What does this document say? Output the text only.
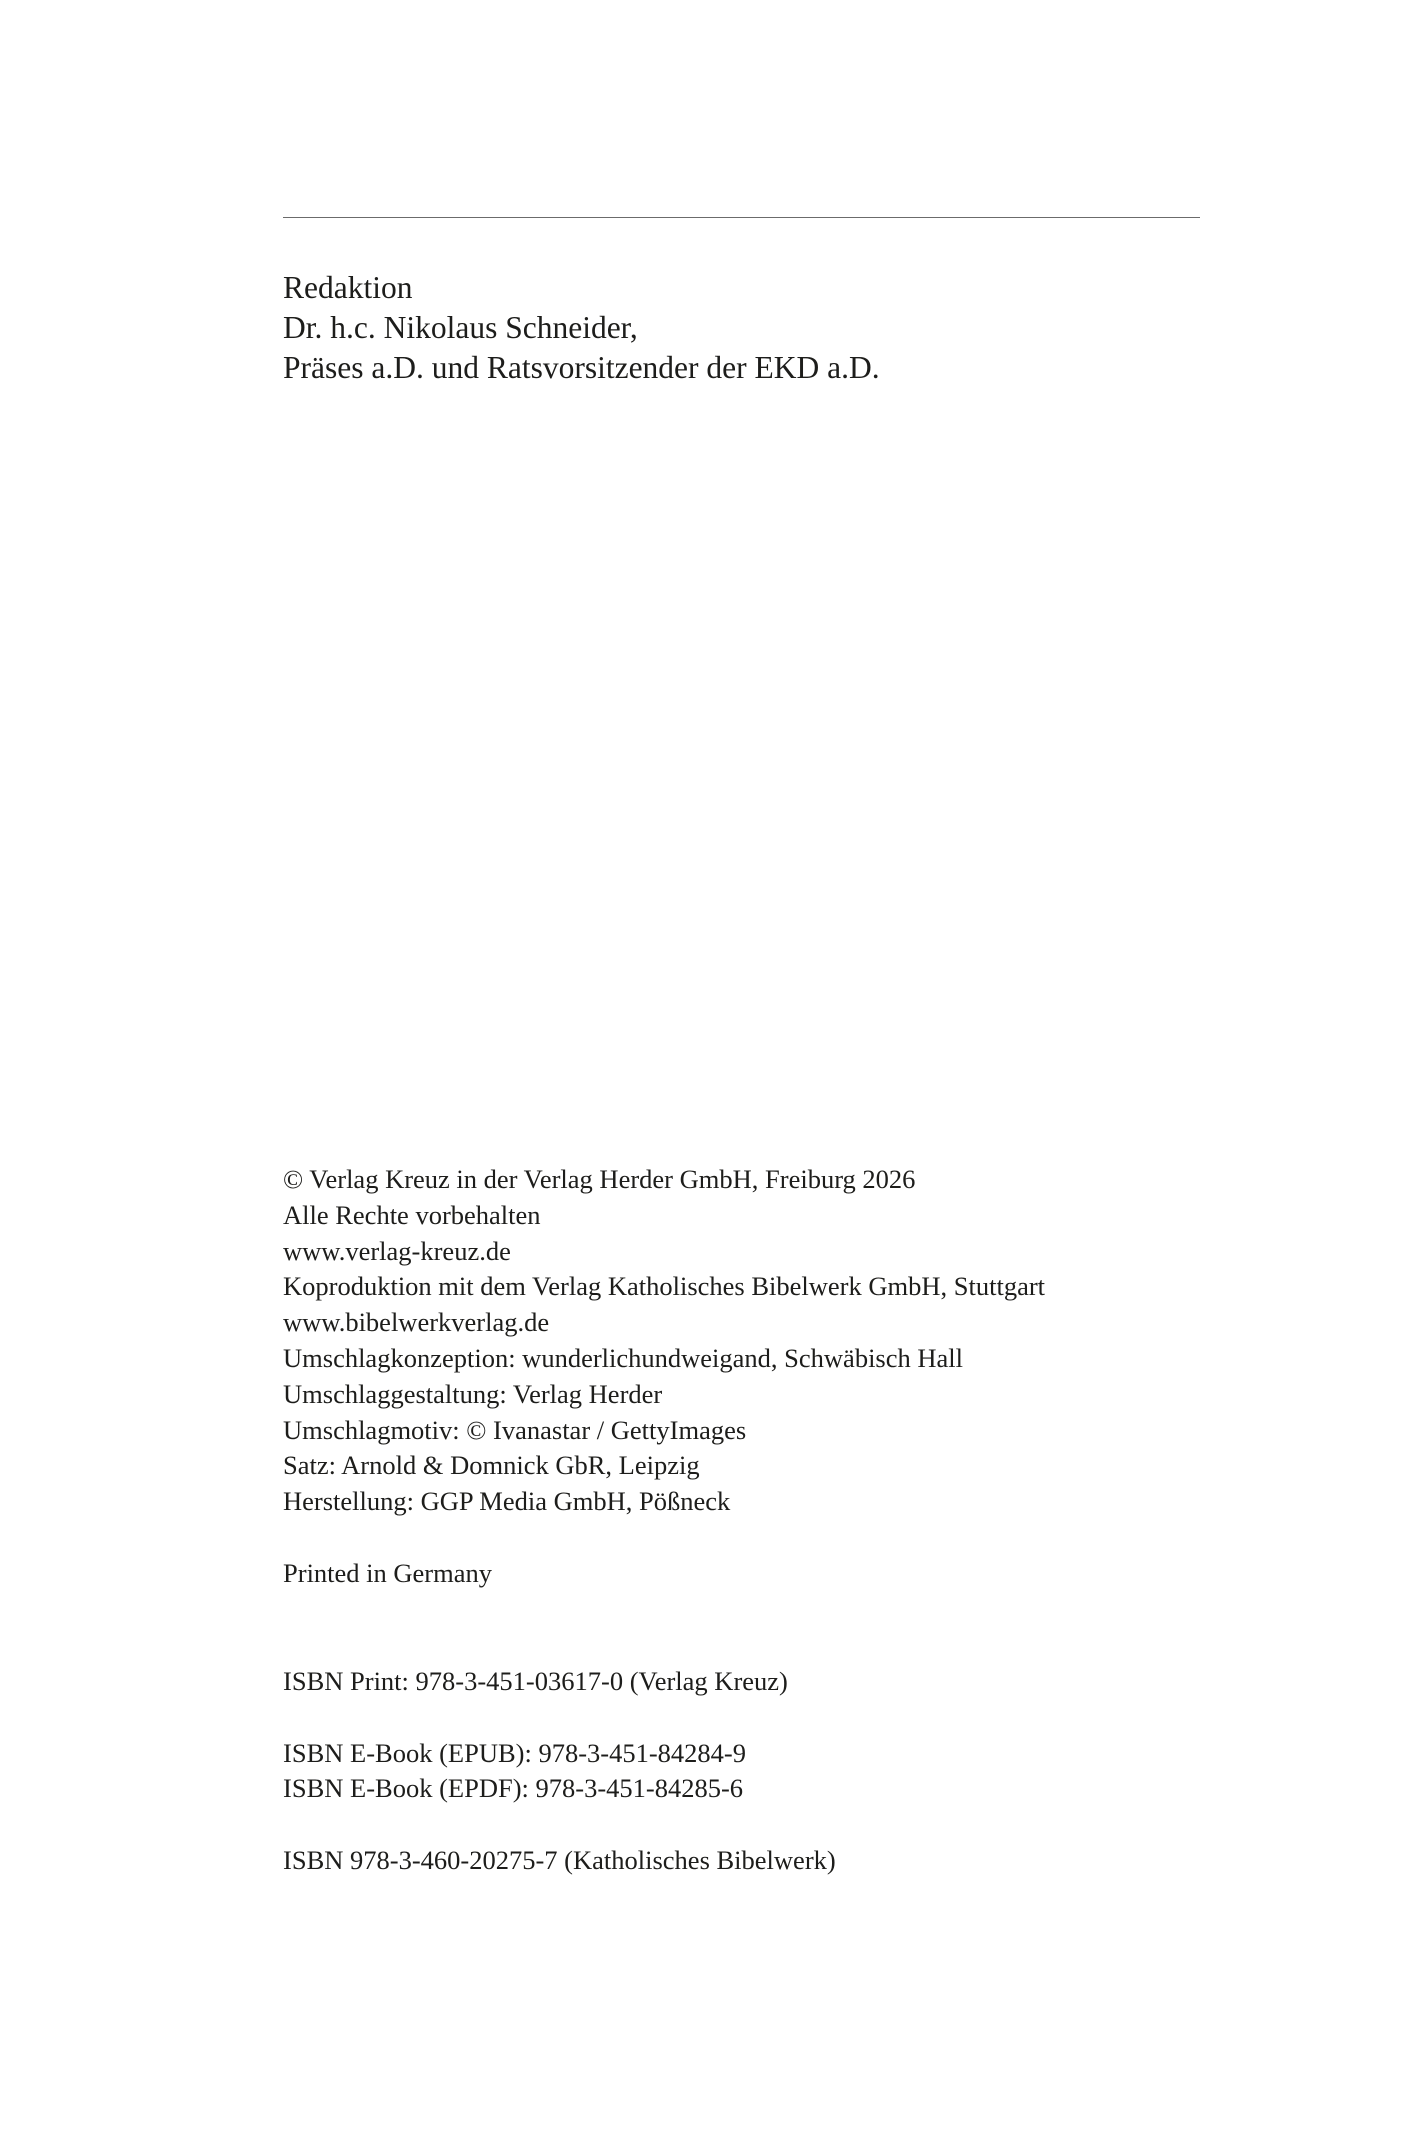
Redaktion
Dr. h.c. Nikolaus Schneider,
Präses a.D. und Ratsvorsitzender der EKD a.D.
© Verlag Kreuz in der Verlag Herder GmbH, Freiburg 2026
Alle Rechte vorbehalten
www.verlag-kreuz.de
Koproduktion mit dem Verlag Katholisches Bibelwerk GmbH, Stuttgart
www.bibelwerkverlag.de
Umschlagkonzeption: wunderlichundweigand, Schwäbisch Hall
Umschlaggestaltung: Verlag Herder
Umschlagmotiv: © Ivanastar / GettyImages
Satz: Arnold & Domnick GbR, Leipzig
Herstellung: GGP Media GmbH, Pößneck
Printed in Germany
ISBN Print: 978-3-451-03617-0 (Verlag Kreuz)
ISBN E-Book (EPUB): 978-3-451-84284-9
ISBN E-Book (EPDF): 978-3-451-84285-6
ISBN 978-3-460-20275-7 (Katholisches Bibelwerk)
